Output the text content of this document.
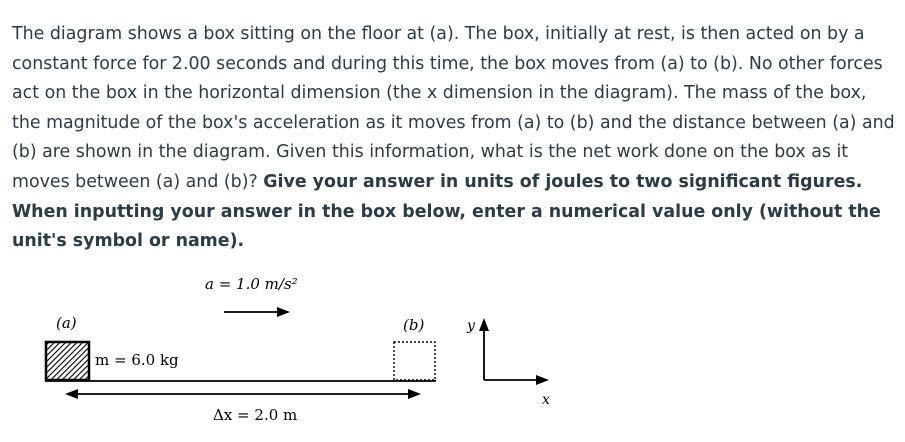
The diagram shows a box sitting on the floor at (a). The box, initially at rest, is then acted on by a constant force for 2.00 seconds and during this time, the box moves from (a) to (b). No other forces act on the box in the horizontal dimension (the x dimension in the diagram). The mass of the box, the magnitude of the box's acceleration as it moves from (a) to (b) and the distance between (a) and (b) are shown in the diagram. Given this information, what is the net work done on the box as it moves between (a) and (b)? Give your answer in units of joules to two significant figures. When inputting your answer in the box below, enter a numerical value only (without the unit's symbol or name).

a = 1.0 m/s²
(a)	(b)
m = 6.0 kg
Δx = 2.0 m
y
x
